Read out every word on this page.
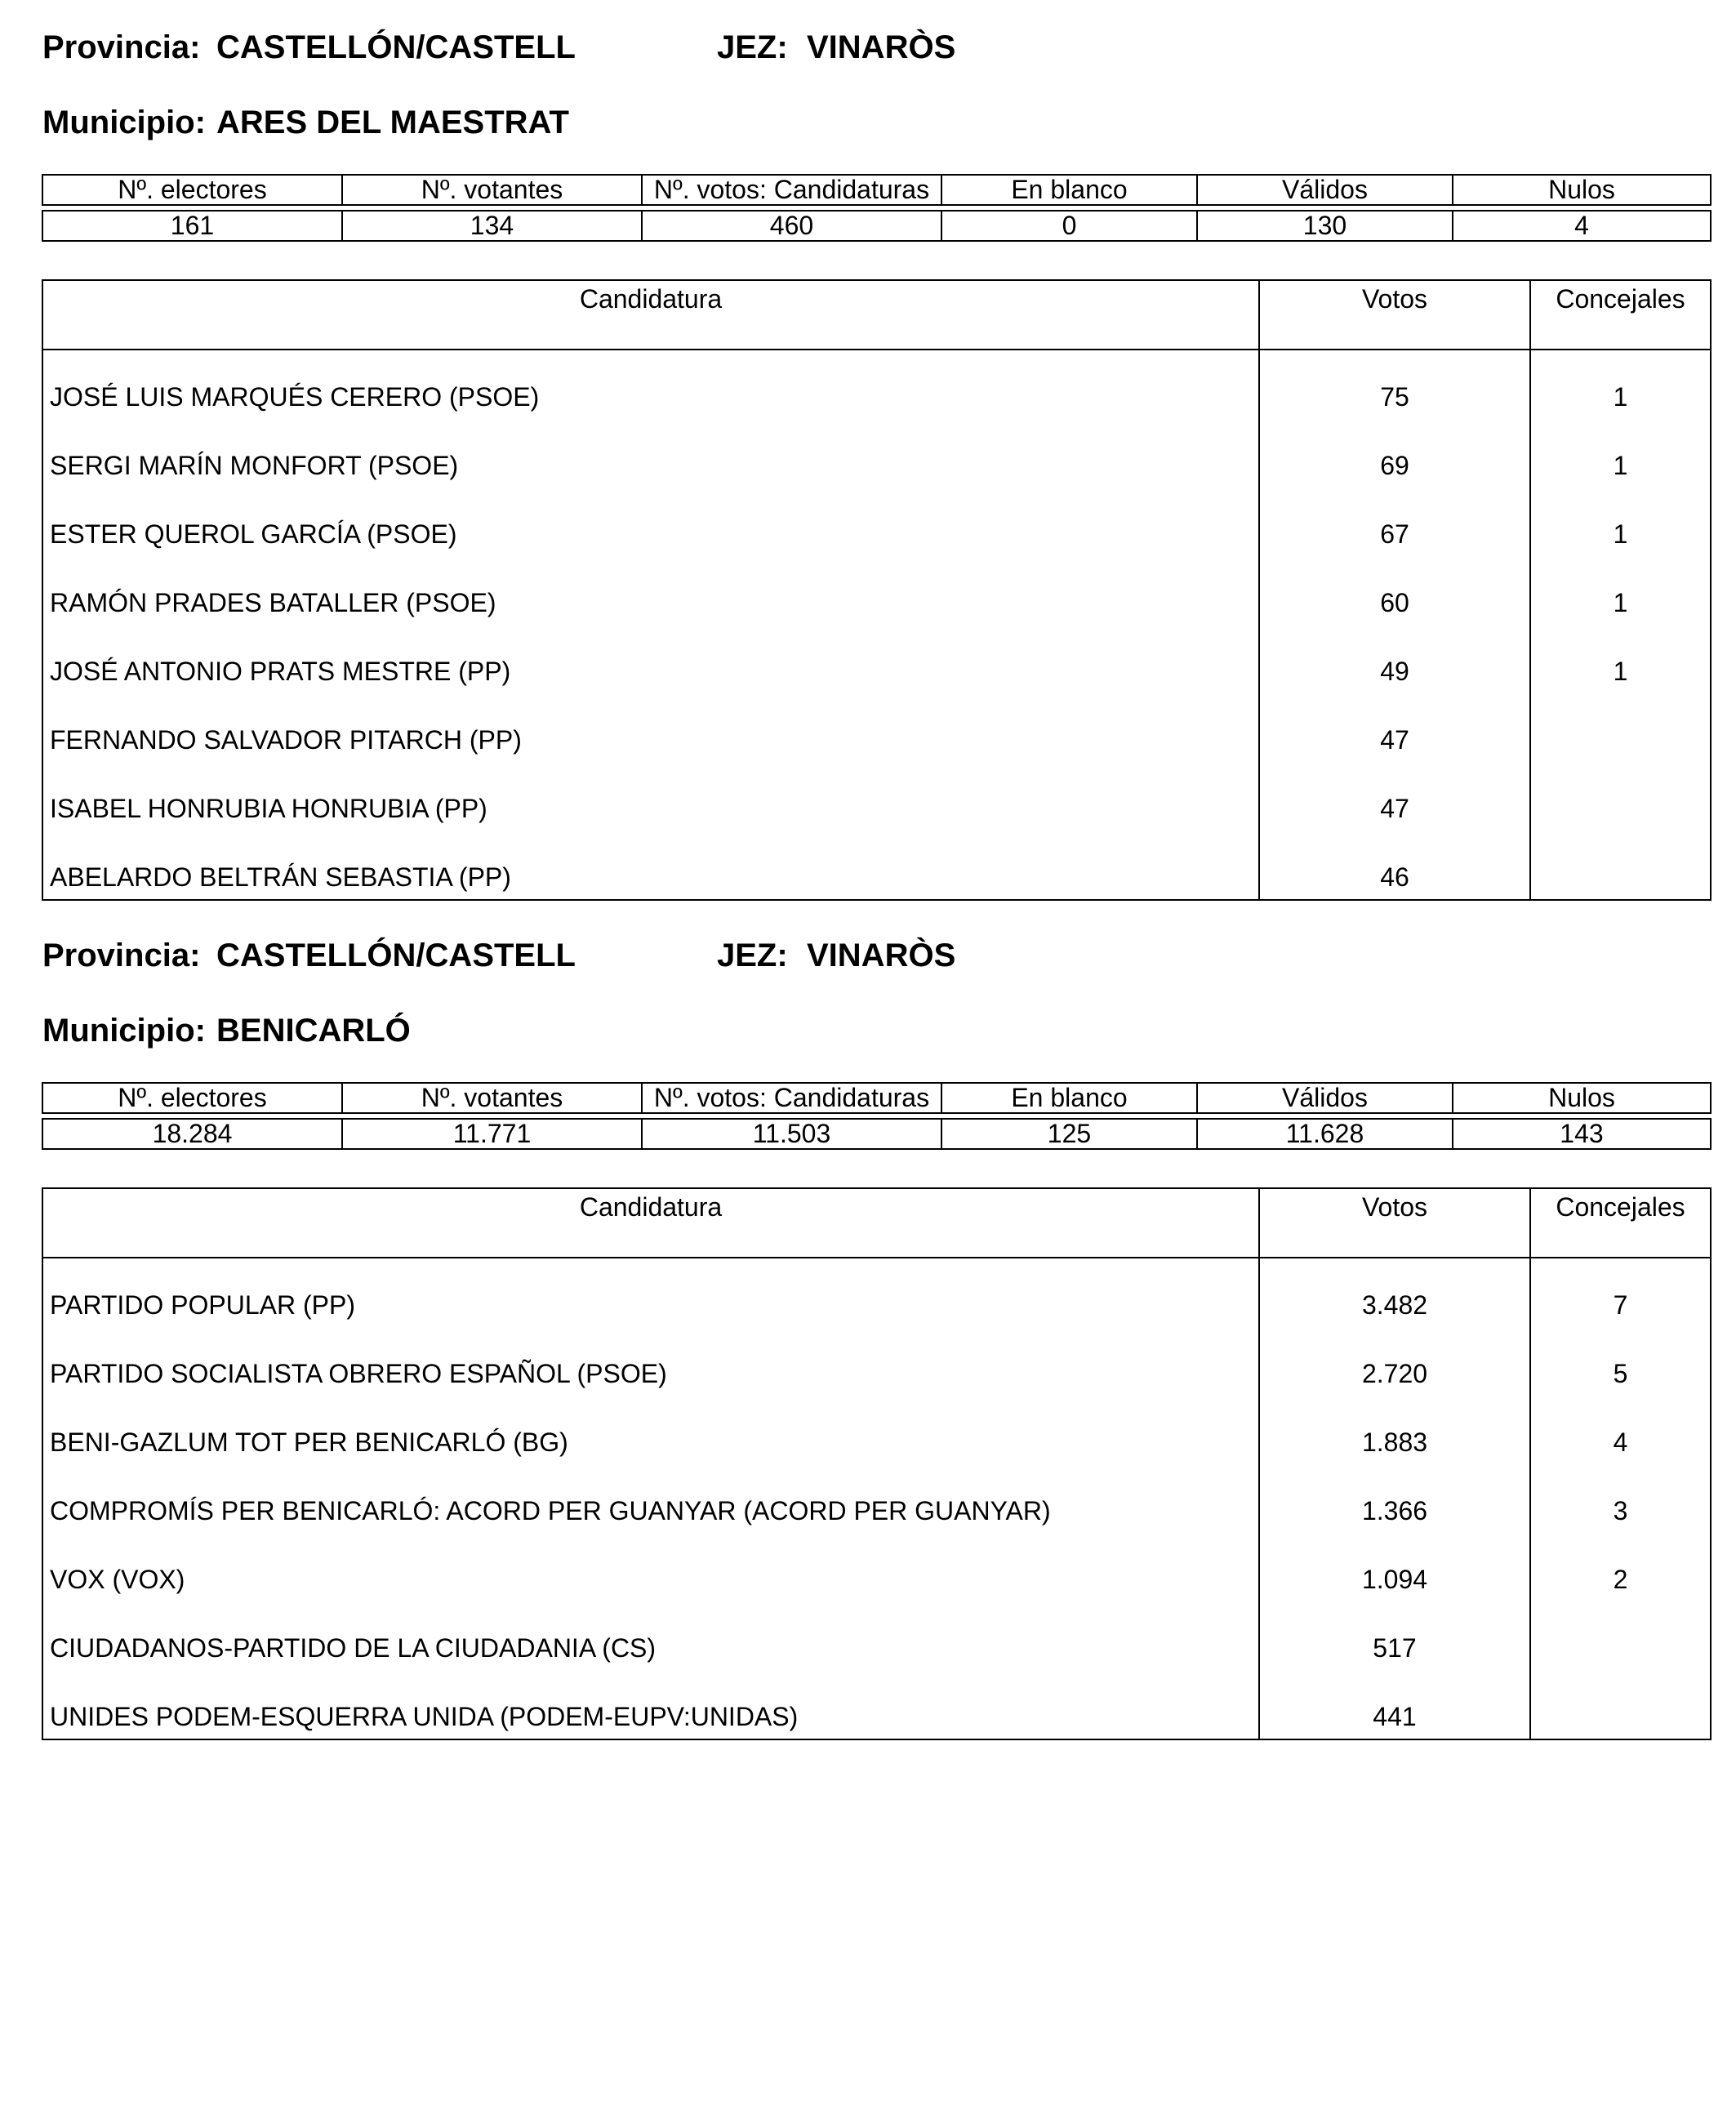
Provincia: CASTELLÓN/CASTELL	JEZ: VINARÒS
Municipio: ARES DEL MAESTRAT
Nº. electores	Nº. votantes	Nº. votos: Candidaturas	En blanco	Válidos	Nulos

161	134	460	0	130	4
Candidatura	Votos	Concejales
JOSÉ LUIS MARQUÉS CERERO (PSOE)	75	1
SERGI MARÍN MONFORT (PSOE)	69	1
ESTER QUEROL GARCÍA (PSOE)	67	1
RAMÓN PRADES BATALLER (PSOE)	60	1
JOSÉ ANTONIO PRATS MESTRE (PP)	49	1
FERNANDO SALVADOR PITARCH (PP)	47	
ISABEL HONRUBIA HONRUBIA (PP)	47	
ABELARDO BELTRÁN SEBASTIA (PP)	46	
Provincia: CASTELLÓN/CASTELL	JEZ: VINARÒS
Municipio: BENICARLÓ
Nº. electores	Nº. votantes	Nº. votos: Candidaturas	En blanco	Válidos	Nulos

18.284	11.771	11.503	125	11.628	143
Candidatura	Votos	Concejales
PARTIDO POPULAR (PP)	3.482	7
PARTIDO SOCIALISTA OBRERO ESPAÑOL (PSOE)	2.720	5
BENI-GAZLUM TOT PER BENICARLÓ (BG)	1.883	4
COMPROMÍS PER BENICARLÓ: ACORD PER GUANYAR (ACORD PER GUANYAR)	1.366	3
VOX (VOX)	1.094	2
CIUDADANOS-PARTIDO DE LA CIUDADANIA (CS)	517	
UNIDES PODEM-ESQUERRA UNIDA (PODEM-EUPV:UNIDAS)	441	
